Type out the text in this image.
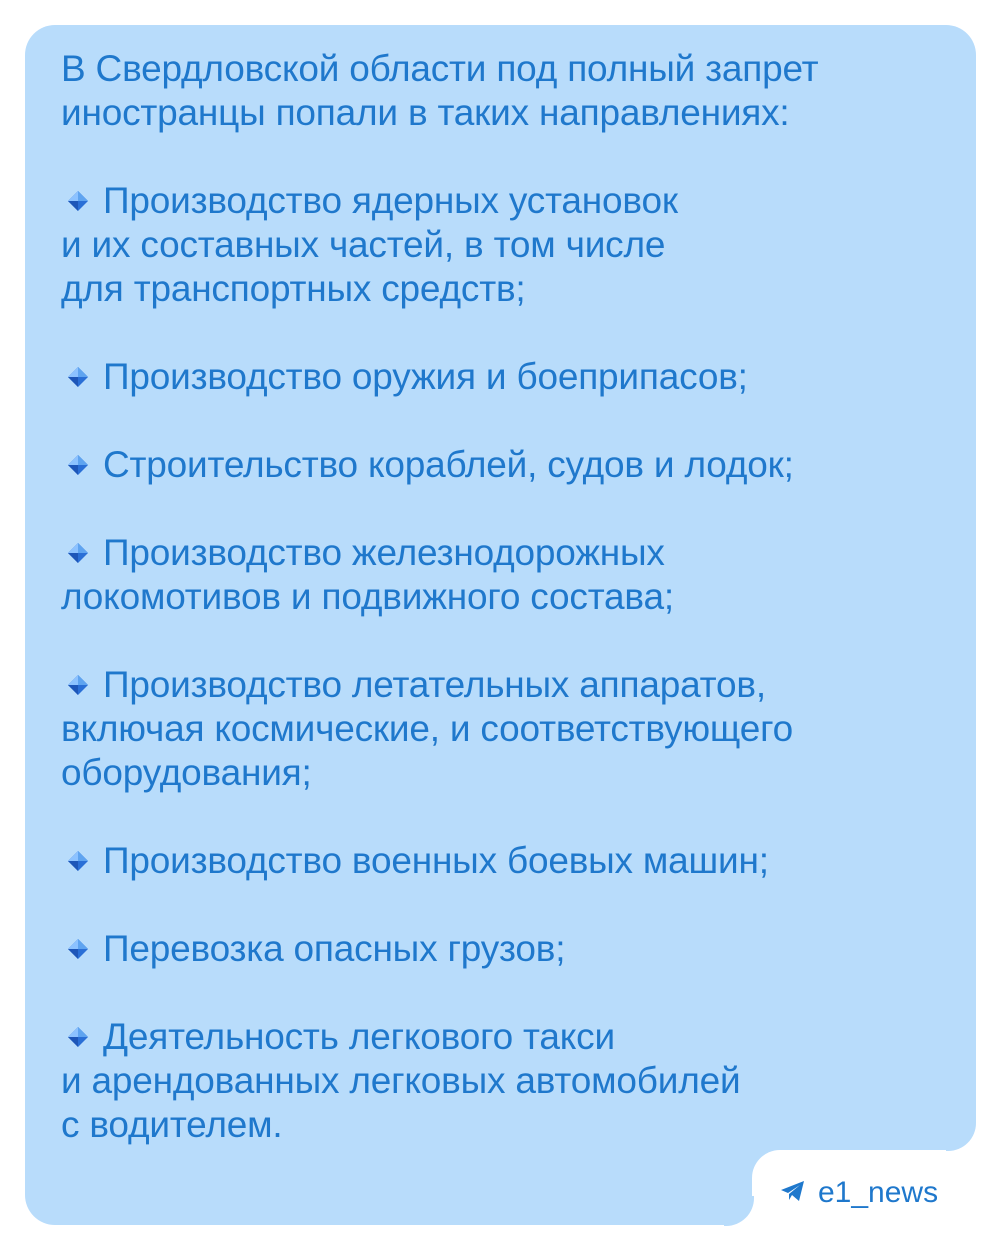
В Свердловской области под полный запрет
иностранцы попали в таких направлениях:
Производство ядерных установок
и их составных частей, в том числе
для транспортных средств;
Производство оружия и боеприпасов;
Строительство кораблей, судов и лодок;
Производство железнодорожных
локомотивов и подвижного состава;
Производство летательных аппаратов,
включая космические, и соответствующего
оборудования;
Производство военных боевых машин;
Перевозка опасных грузов;
Деятельность легкового такси
и арендованных легковых автомобилей
с водителем.
e1_news
